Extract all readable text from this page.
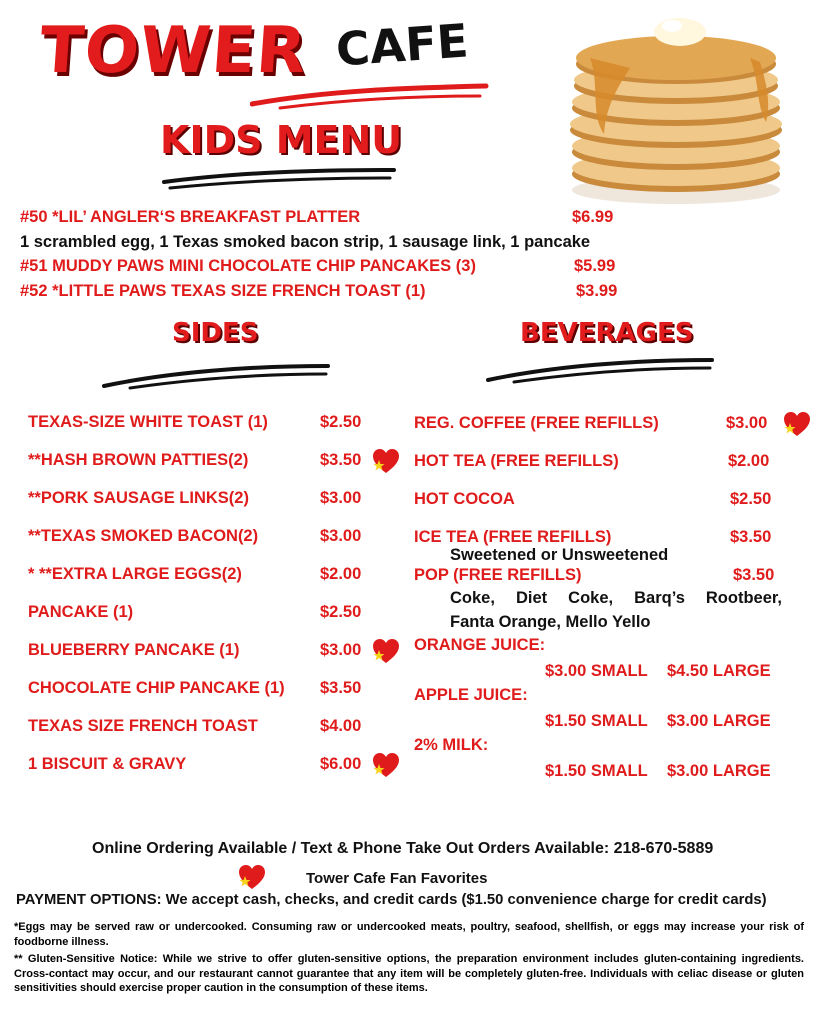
TOWER CAFE
KIDS MENU
#50 *LIL’ ANGLER‘S BREAKFAST PLATTER	$6.99
1 scrambled egg, 1 Texas smoked bacon strip, 1 sausage link, 1 pancake
#51 MUDDY PAWS MINI CHOCOLATE CHIP PANCAKES (3)	$5.99
#52 *LITTLE PAWS TEXAS SIZE FRENCH TOAST (1)	$3.99
SIDES	BEVERAGES
TEXAS-SIZE WHITE TOAST (1)	$2.50
**HASH BROWN PATTIES(2)	$3.50
**PORK SAUSAGE LINKS(2)	$3.00
**TEXAS SMOKED BACON(2)	$3.00
* **EXTRA LARGE EGGS(2)	$2.00
PANCAKE (1)	$2.50
BLUEBERRY PANCAKE (1)	$3.00
CHOCOLATE CHIP PANCAKE (1) $3.50
TEXAS SIZE FRENCH TOAST	$4.00
1 BISCUIT & GRAVY	$6.00
REG. COFFEE (FREE REFILLS)	$3.00
HOT TEA (FREE REFILLS)	$2.00
HOT COCOA	$2.50
ICE TEA (FREE REFILLS)	$3.50
Sweetened or Unsweetened
POP (FREE REFILLS)	$3.50
Coke, Diet Coke, Barq’s Rootbeer,
Fanta Orange, Mello Yello
ORANGE JUICE:
$3.00 SMALL $4.50 LARGE
APPLE JUICE:
$1.50 SMALL $3.00 LARGE
2% MILK:
$1.50 SMALL $3.00 LARGE
Online Ordering Available / Text & Phone Take Out Orders Available: 218-670-5889
Tower Cafe Fan Favorites
PAYMENT OPTIONS: We accept cash, checks, and credit cards ($1.50 convenience charge for credit cards)
*Eggs may be served raw or undercooked. Consuming raw or undercooked meats, poultry, seafood, shellfish, or eggs may increase your risk of foodborne illness.
** Gluten-Sensitive Notice: While we strive to offer gluten-sensitive options, the preparation environment includes gluten-containing ingredients. Cross-contact may occur, and our restaurant cannot guarantee that any item will be completely gluten-free. Individuals with celiac disease or gluten sensitivities should exercise proper caution in the consumption of these items.
